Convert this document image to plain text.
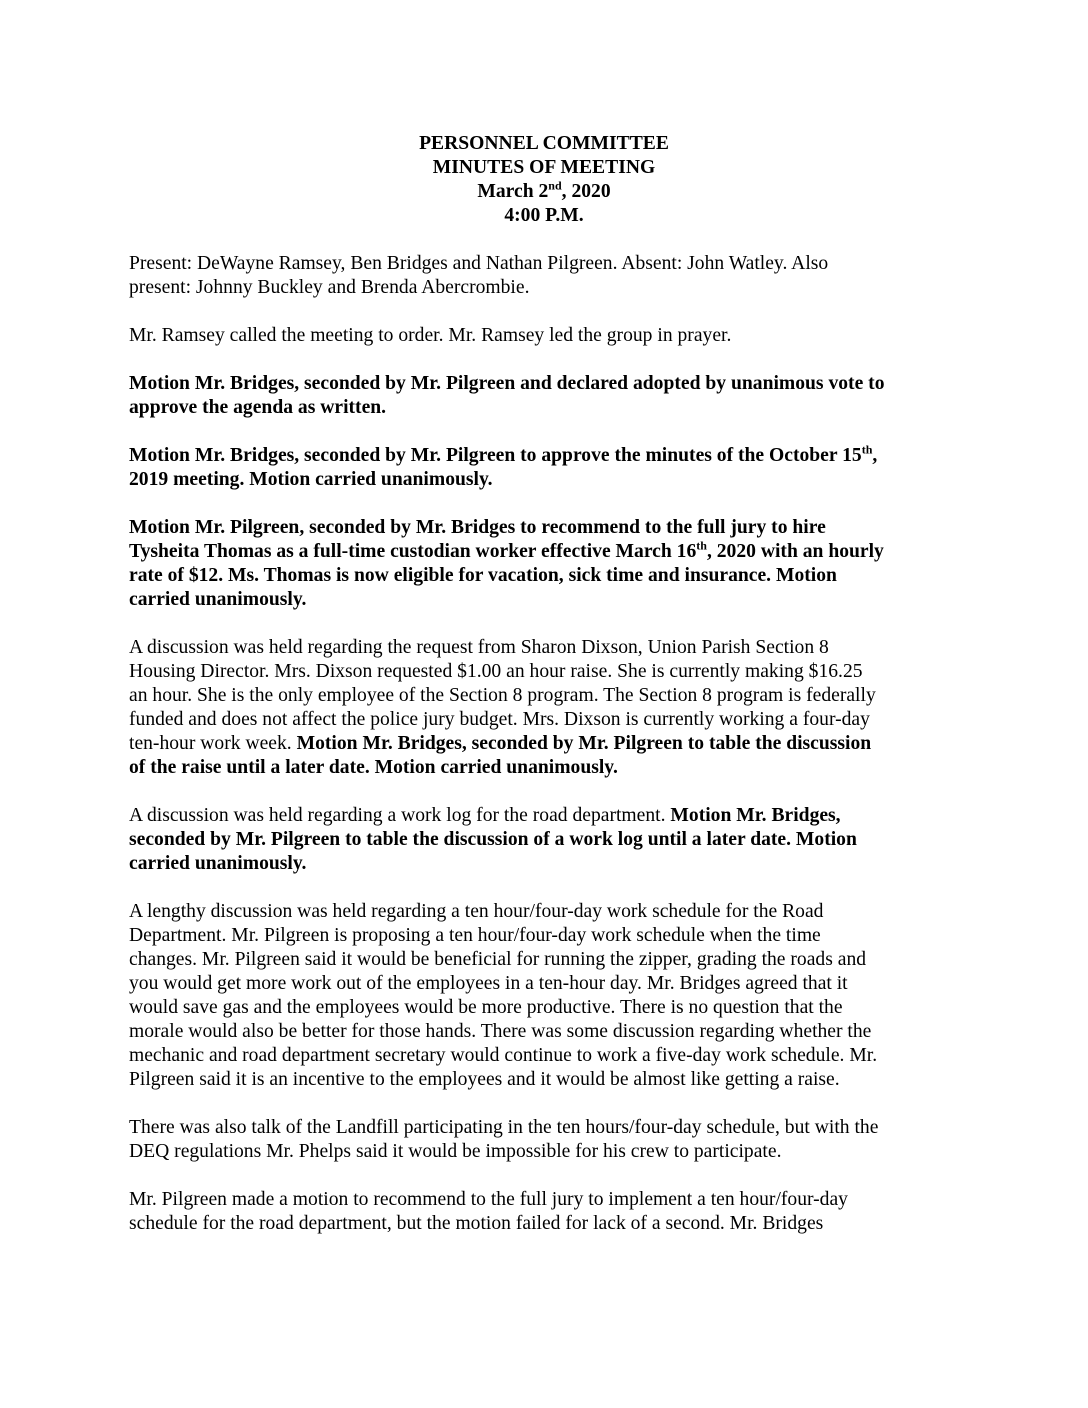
PERSONNEL COMMITTEE
MINUTES OF MEETING
March 2nd, 2020
4:00 P.M.

Present: DeWayne Ramsey, Ben Bridges and Nathan Pilgreen. Absent: John Watley. Also
present: Johnny Buckley and Brenda Abercrombie.

Mr. Ramsey called the meeting to order. Mr. Ramsey led the group in prayer.

Motion Mr. Bridges, seconded by Mr. Pilgreen and declared adopted by unanimous vote to
approve the agenda as written.

Motion Mr. Bridges, seconded by Mr. Pilgreen to approve the minutes of the October 15th,
2019 meeting. Motion carried unanimously.

Motion Mr. Pilgreen, seconded by Mr. Bridges to recommend to the full jury to hire
Tysheita Thomas as a full-time custodian worker effective March 16th, 2020 with an hourly
rate of $12. Ms. Thomas is now eligible for vacation, sick time and insurance. Motion
carried unanimously.

A discussion was held regarding the request from Sharon Dixson, Union Parish Section 8
Housing Director. Mrs. Dixson requested $1.00 an hour raise. She is currently making $16.25
an hour. She is the only employee of the Section 8 program. The Section 8 program is federally
funded and does not affect the police jury budget. Mrs. Dixson is currently working a four-day
ten-hour work week. Motion Mr. Bridges, seconded by Mr. Pilgreen to table the discussion
of the raise until a later date. Motion carried unanimously.

A discussion was held regarding a work log for the road department. Motion Mr. Bridges,
seconded by Mr. Pilgreen to table the discussion of a work log until a later date. Motion
carried unanimously.

A lengthy discussion was held regarding a ten hour/four-day work schedule for the Road
Department. Mr. Pilgreen is proposing a ten hour/four-day work schedule when the time
changes. Mr. Pilgreen said it would be beneficial for running the zipper, grading the roads and
you would get more work out of the employees in a ten-hour day. Mr. Bridges agreed that it
would save gas and the employees would be more productive. There is no question that the
morale would also be better for those hands. There was some discussion regarding whether the
mechanic and road department secretary would continue to work a five-day work schedule. Mr.
Pilgreen said it is an incentive to the employees and it would be almost like getting a raise.

There was also talk of the Landfill participating in the ten hours/four-day schedule, but with the
DEQ regulations Mr. Phelps said it would be impossible for his crew to participate.

Mr. Pilgreen made a motion to recommend to the full jury to implement a ten hour/four-day
schedule for the road department, but the motion failed for lack of a second. Mr. Bridges
